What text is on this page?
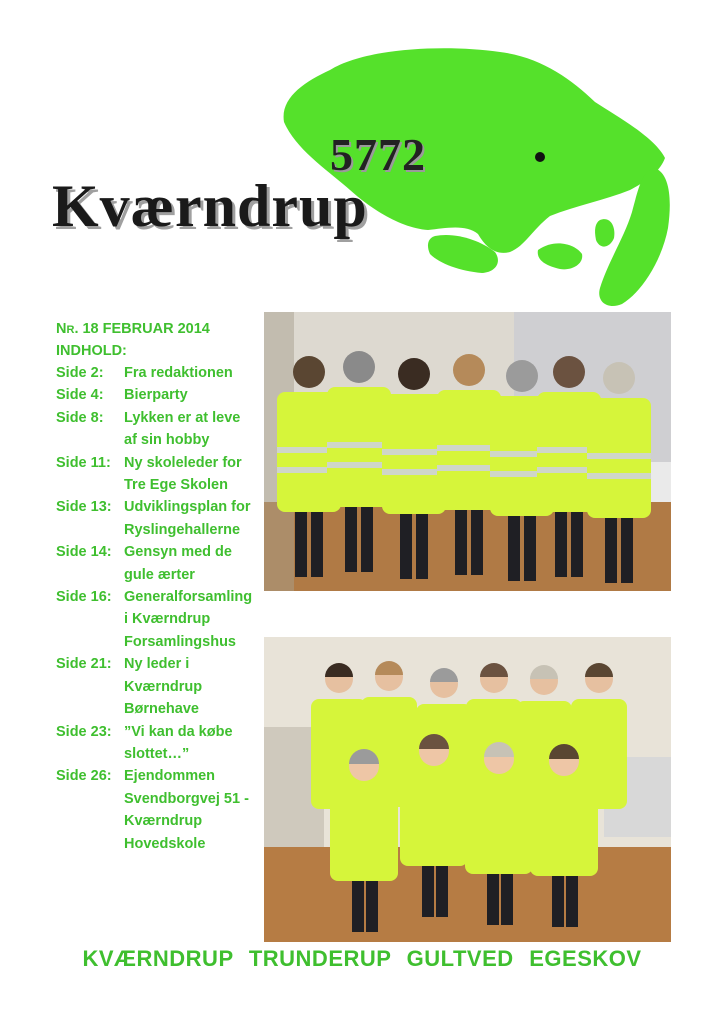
5772
Kværndrup
NR. 18 FEBRUAR 2014
INDHOLD:
Side 2:	Fra redaktionen
Side 4:	Bierparty
Side 8:	Lykken er at leve af sin hobby
Side 11: Ny skoleleder for Tre Ege Skolen
Side 13: Udviklingsplan for Ryslingehallerne
Side 14: Gensyn med de gule ærter
Side 16: Generalforsamling i Kværndrup Forsamlingshus
Side 21: Ny leder i Kværndrup Børnehave
Side 23: ”Vi kan da købe slottet…”
Side 26: Ejendommen Svendborgvej 51 - Kværndrup Hovedskole
KVÆRNDRUP TRUNDERUP GULTVED EGESKOV
